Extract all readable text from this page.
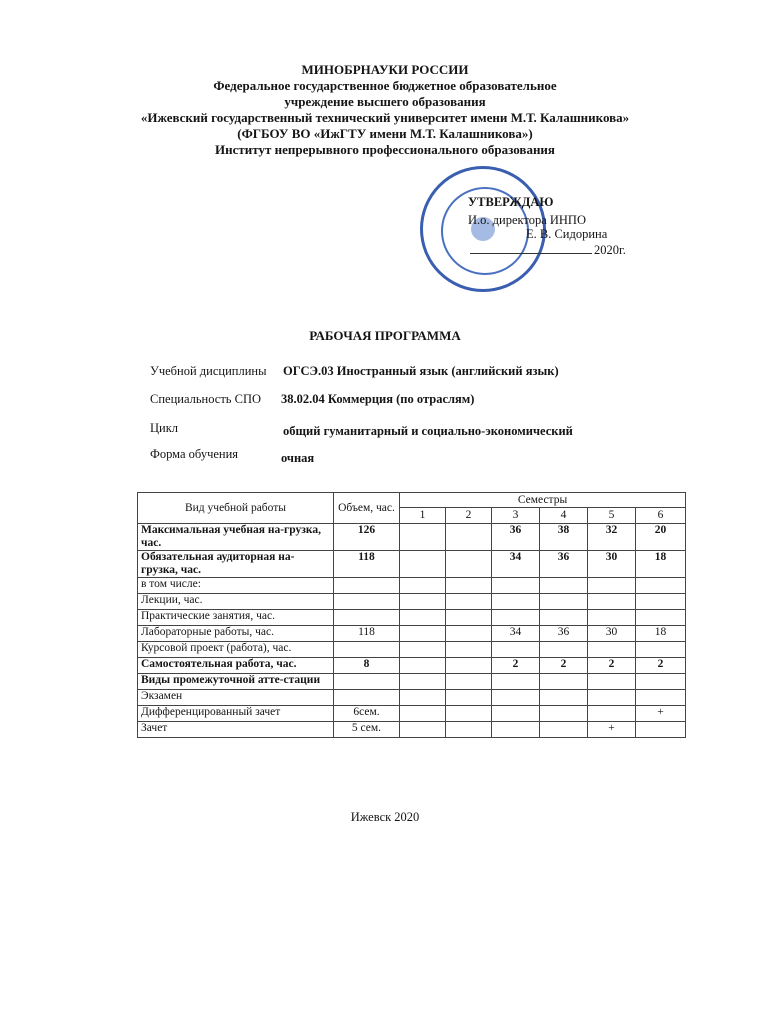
МИНОБРНАУКИ РОССИИ
Федеральное государственное бюджетное образовательное
учреждение высшего образования
«Ижевский государственный технический университет имени М.Т. Калашникова»
(ФГБОУ ВО «ИжГТУ имени М.Т. Калашникова»)
Институт непрерывного профессионального образования
УТВЕРЖДАЮ
И.о. директора ИНПО
Е. В. Сидорина
2020г.
РАБОЧАЯ ПРОГРАММА
Учебной дисциплины ОГСЭ.03 Иностранный язык (английский язык)
Специальность СПО 38.02.04 Коммерция (по отраслям)
Цикл	общий гуманитарный и социально-экономический
Форма обучения	очная
Вид учебной работы	Объем, час.	Семестры					
		1	2	3	4	5	6
Максимальная учебная на-грузка, час.	126			36	38	32	20
Обязательная аудиторная на-грузка, час.	118			34	36	30	18
в том числе:							
Лекции, час.							
Практические занятия, час.							
Лабораторные работы, час.	118			34	36	30	18
Курсовой проект (работа), час.							
Самостоятельная работа, час.	8			2	2	2	2
Виды промежуточной атте-стации							
Экзамен							
Дифференцированный зачет	6сем.						+
Зачет	5 сем.					+	
Ижевск 2020
